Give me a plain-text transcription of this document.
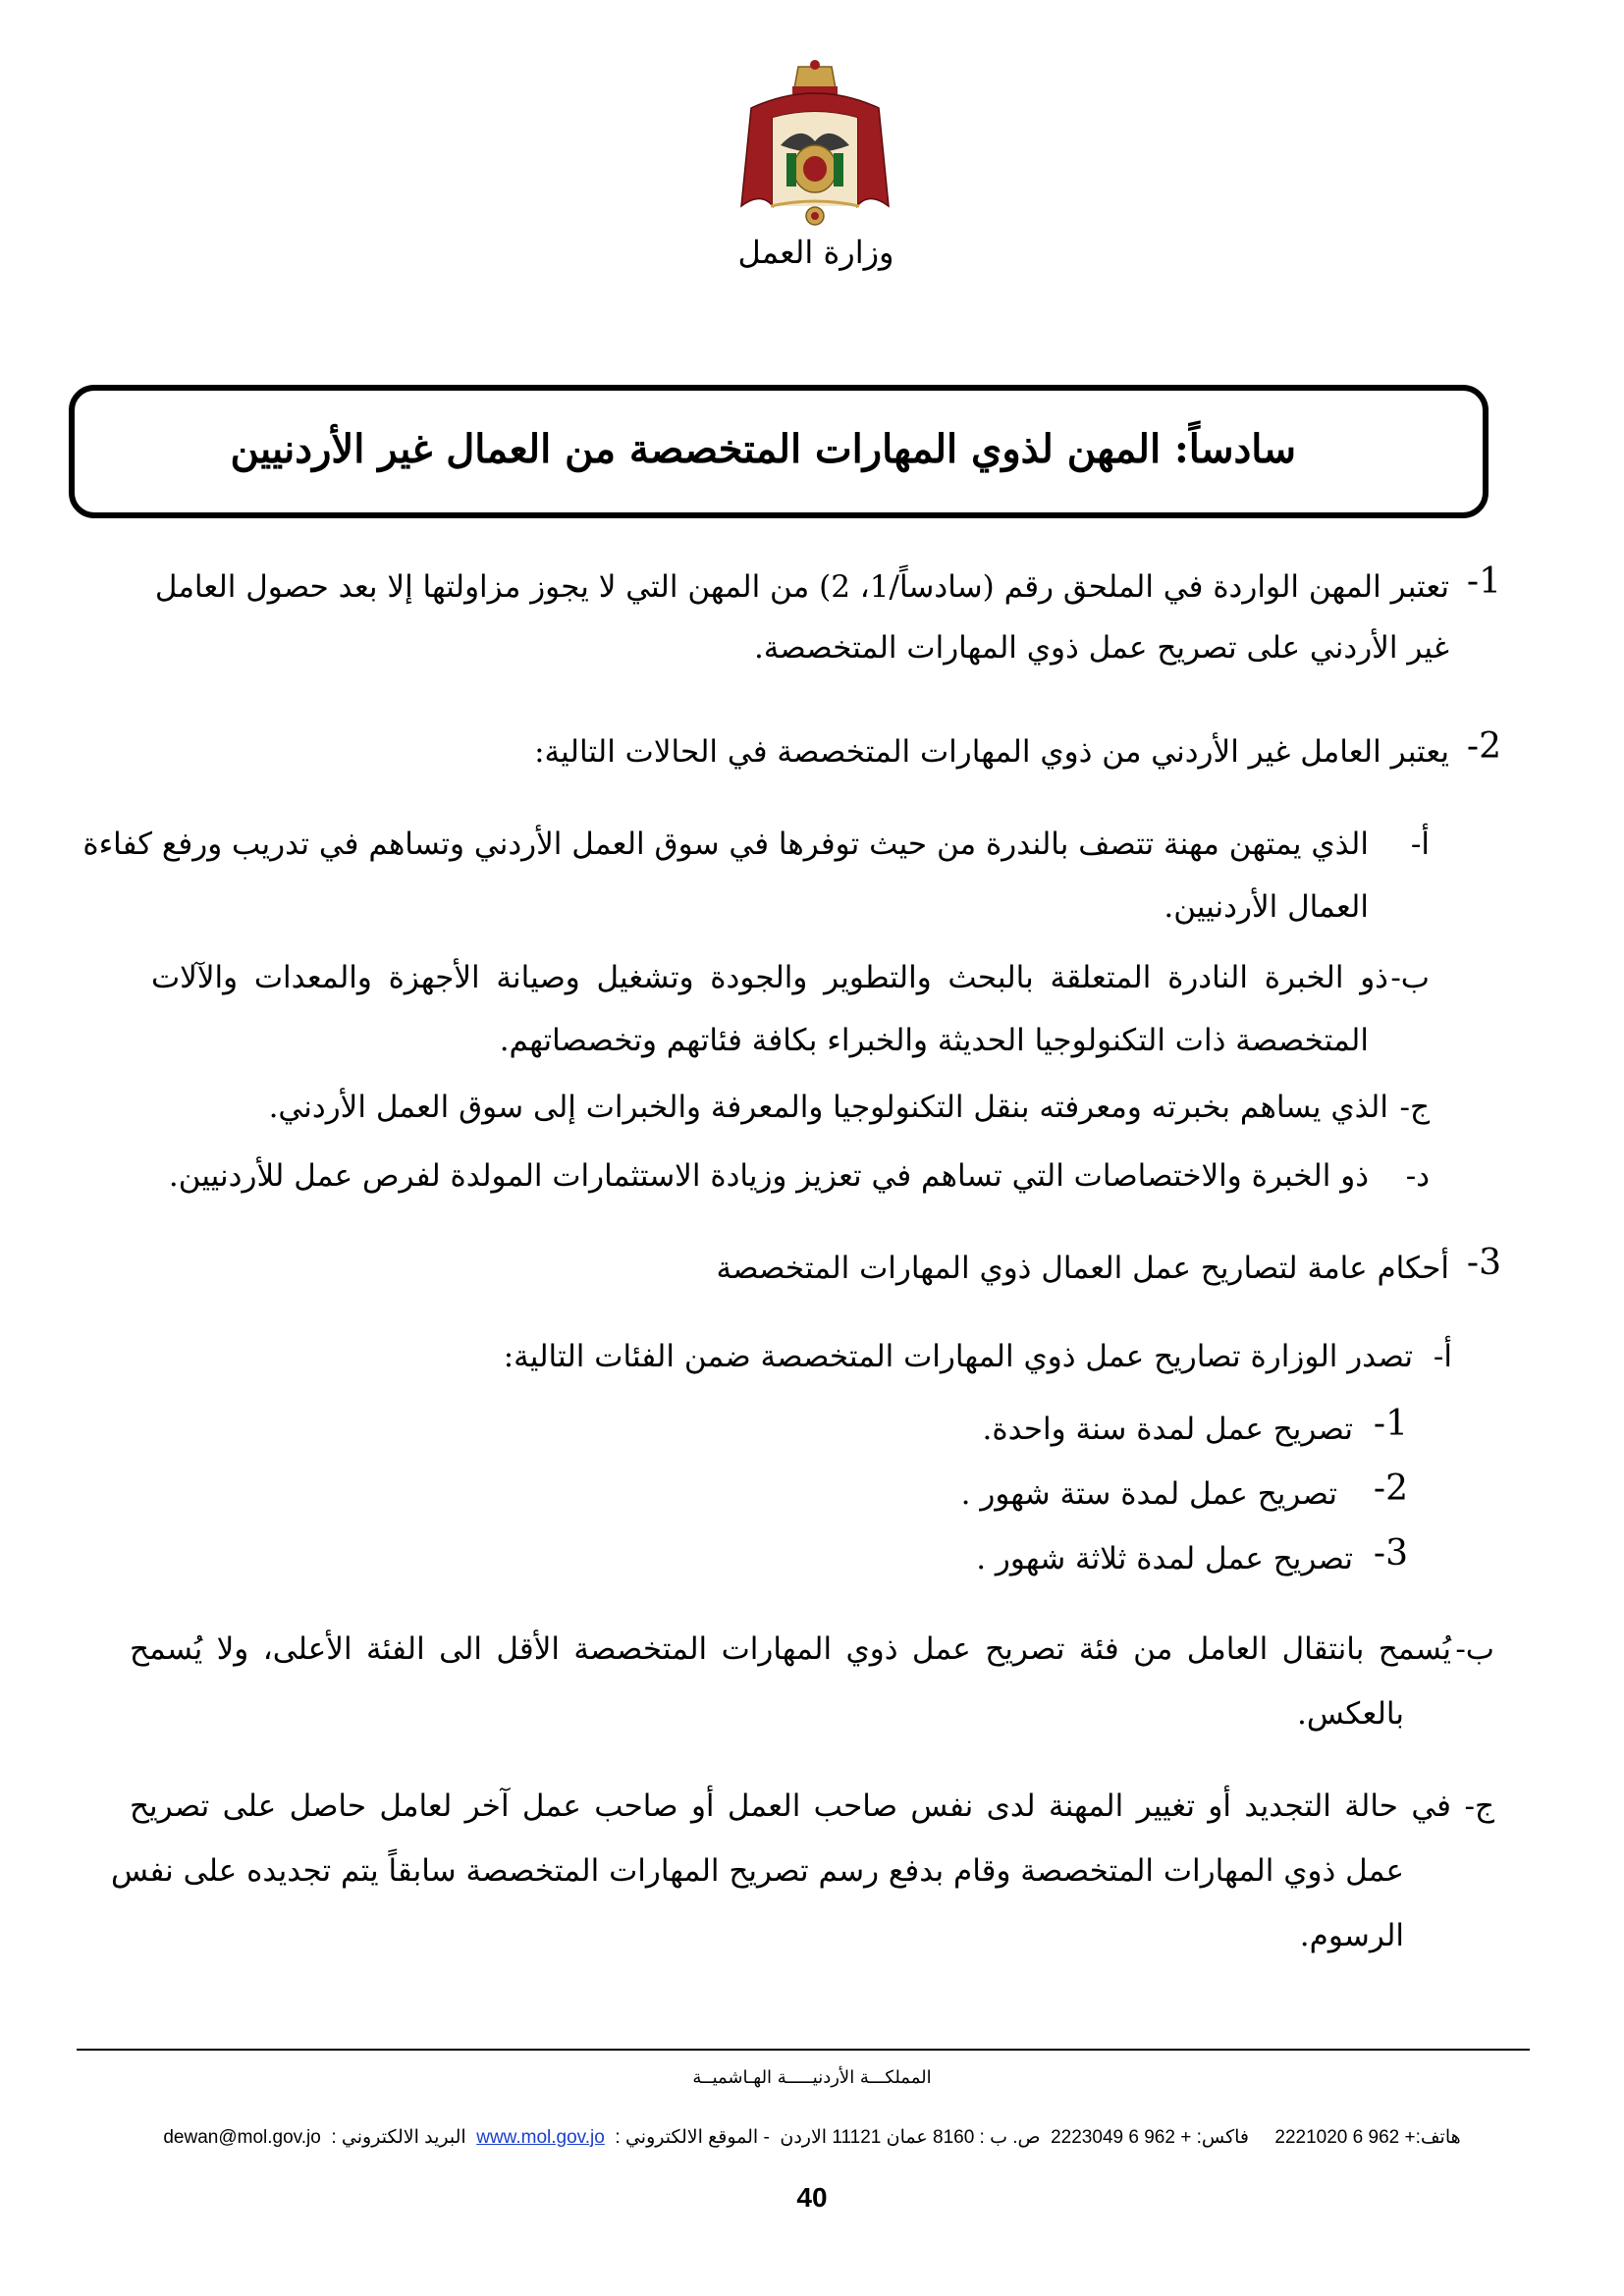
وزارة العمل
سادساً: المهن لذوي المهارات المتخصصة من العمال غير الأردنيين
1-
تعتبر المهن الواردة في الملحق رقم (سادساً/1، 2) من المهن التي لا يجوز مزاولتها إلا بعد حصول العامل
غير الأردني على تصريح عمل ذوي المهارات المتخصصة.
2-
يعتبر العامل غير الأردني من ذوي المهارات المتخصصة في الحالات التالية:
أ-
الذي يمتهن مهنة تتصف بالندرة من حيث توفرها في سوق العمل الأردني وتساهم في تدريب ورفع كفاءة
العمال الأردنيين.
ب-
ذو الخبرة النادرة المتعلقة بالبحث والتطوير والجودة وتشغيل وصيانة الأجهزة والمعدات والآلات
المتخصصة ذات التكنولوجيا الحديثة والخبراء بكافة فئاتهم وتخصصاتهم.
ج-
الذي يساهم بخبرته ومعرفته بنقل التكنولوجيا والمعرفة والخبرات إلى سوق العمل الأردني.
د-
ذو الخبرة والاختصاصات التي تساهم في تعزيز وزيادة الاستثمارات المولدة لفرص عمل للأردنيين.
3-
أحكام عامة لتصاريح عمل العمال ذوي المهارات المتخصصة
أ-
تصدر الوزارة تصاريح عمل ذوي المهارات المتخصصة ضمن الفئات التالية:
1-
تصريح عمل لمدة سنة واحدة.
2-
تصريح عمل لمدة ستة شهور .
3-
تصريح عمل لمدة ثلاثة شهور .
ب-
يُسمح بانتقال العامل من فئة تصريح عمل ذوي المهارات المتخصصة الأقل الى الفئة الأعلى، ولا يُسمح
بالعكس.
ج-
في حالة التجديد أو تغيير المهنة لدى نفس صاحب العمل أو صاحب عمل آخر لعامل حاصل على تصريح
عمل ذوي المهارات المتخصصة وقام بدفع رسم تصريح المهارات المتخصصة سابقاً يتم تجديده على نفس
الرسوم.
المملكـــة الأردنيـــــة الهـاشميــة
هاتف:+ 962 6 2221020     فاكس: + 962 6 2223049  ص. ب : 8160 عمان 11121 الاردن  - الموقع الالكتروني :  www.mol.gov.jo  البريد الالكتروني :  dewan@mol.gov.jo
40
